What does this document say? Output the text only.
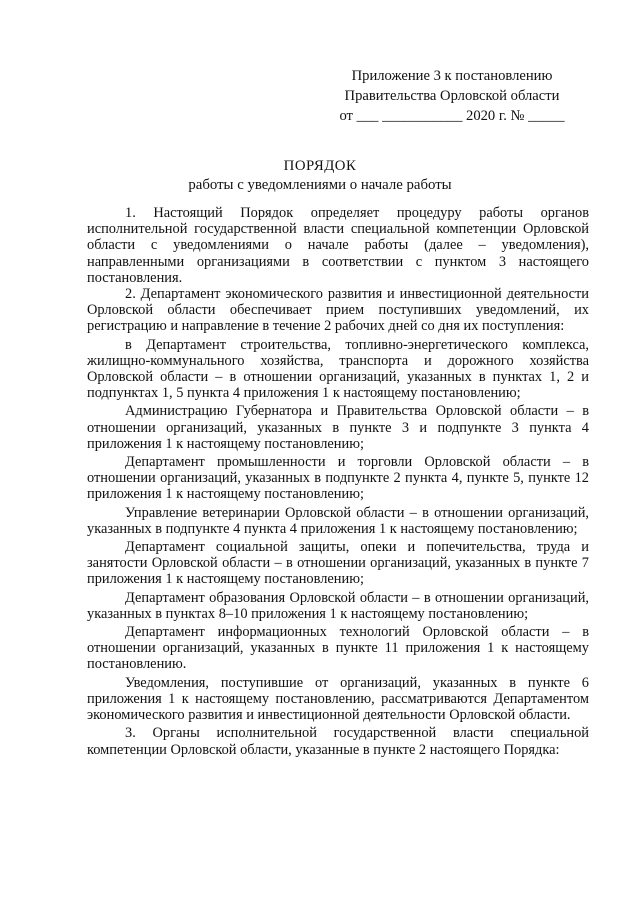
Приложение 3 к постановлению
Правительства Орловской области
от ___ ___________ 2020 г. № _____
ПОРЯДОК
работы с уведомлениями о начале работы

1. Настоящий Порядок определяет процедуру работы органов исполнительной государственной власти специальной компетенции Орловской области с уведомлениями о начале работы (далее – уведомления), направленными организациями в соответствии с пунктом 3 настоящего постановления.

2. Департамент экономического развития и инвестиционной деятельности Орловской области обеспечивает прием поступивших уведомлений, их регистрацию и направление в течение 2 рабочих дней со дня их поступления:

в Департамент строительства, топливно-энергетического комплекса, жилищно-коммунального хозяйства, транспорта и дорожного хозяйства Орловской области – в отношении организаций, указанных в пунктах 1, 2 и подпунктах 1, 5 пункта 4 приложения 1 к настоящему постановлению;

Администрацию Губернатора и Правительства Орловской области – в отношении организаций, указанных в пункте 3 и подпункте 3 пункта 4 приложения 1 к настоящему постановлению;

Департамент промышленности и торговли Орловской области – в отношении организаций, указанных в подпункте 2 пункта 4, пункте 5, пункте 12 приложения 1 к настоящему постановлению;

Управление ветеринарии Орловской области – в отношении организаций, указанных в подпункте 4 пункта 4 приложения 1 к настоящему постановлению;

Департамент социальной защиты, опеки и попечительства, труда и занятости Орловской области – в отношении организаций, указанных в пункте 7 приложения 1 к настоящему постановлению;

Департамент образования Орловской области – в отношении организаций, указанных в пунктах 8–10 приложения 1 к настоящему постановлению;

Департамент информационных технологий Орловской области – в отношении организаций, указанных в пункте 11 приложения 1 к настоящему постановлению.

Уведомления, поступившие от организаций, указанных в пункте 6 приложения 1 к настоящему постановлению, рассматриваются Департаментом экономического развития и инвестиционной деятельности Орловской области.

3. Органы исполнительной государственной власти специальной компетенции Орловской области, указанные в пункте 2 настоящего Порядка:
